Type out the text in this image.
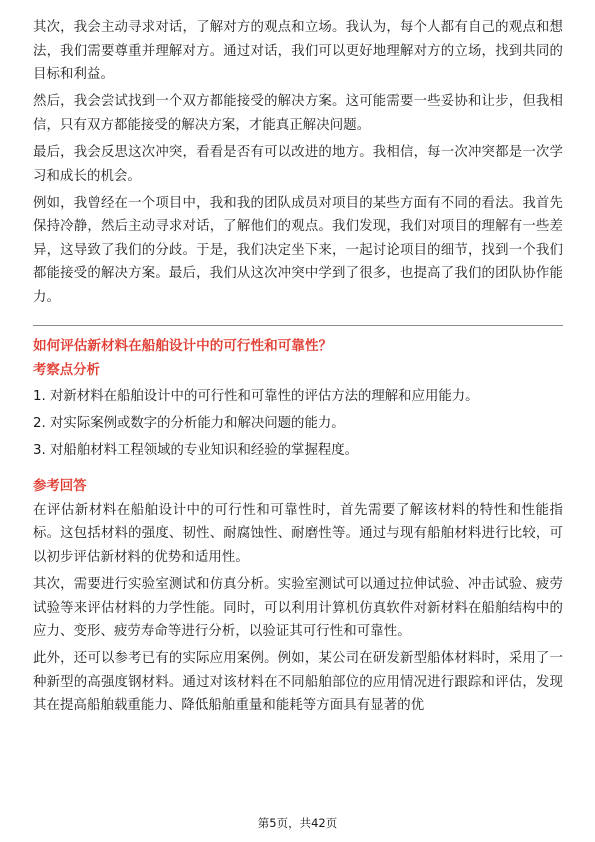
其次，我会主动寻求对话，了解对方的观点和立场。我认为，每个人都有自己的观点和想法，我们需要尊重并理解对方。通过对话，我们可以更好地理解对方的立场，找到共同的目标和利益。

然后，我会尝试找到一个双方都能接受的解决方案。这可能需要一些妥协和让步，但我相信，只有双方都能接受的解决方案，才能真正解决问题。

最后，我会反思这次冲突，看看是否有可以改进的地方。我相信，每一次冲突都是一次学习和成长的机会。

例如，我曾经在一个项目中，我和我的团队成员对项目的某些方面有不同的看法。我首先保持冷静，然后主动寻求对话，了解他们的观点。我们发现，我们对项目的理解有一些差异，这导致了我们的分歧。于是，我们决定坐下来，一起讨论项目的细节，找到一个我们都能接受的解决方案。最后，我们从这次冲突中学到了很多，也提高了我们的团队协作能力。

如何评估新材料在船舶设计中的可行性和可靠性？
考察点分析

1. 对新材料在船舶设计中的可行性和可靠性的评估方法的理解和应用能力。

2. 对实际案例或数字的分析能力和解决问题的能力。

3. 对船舶材料工程领域的专业知识和经验的掌握程度。

参考回答

在评估新材料在船舶设计中的可行性和可靠性时，首先需要了解该材料的特性和性能指标。这包括材料的强度、韧性、耐腐蚀性、耐磨性等。通过与现有船舶材料进行比较，可以初步评估新材料的优势和适用性。

其次，需要进行实验室测试和仿真分析。实验室测试可以通过拉伸试验、冲击试验、疲劳试验等来评估材料的力学性能。同时，可以利用计算机仿真软件对新材料在船舶结构中的应力、变形、疲劳寿命等进行分析，以验证其可行性和可靠性。

此外，还可以参考已有的实际应用案例。例如，某公司在研发新型船体材料时，采用了一种新型的高强度钢材料。通过对该材料在不同船舶部位的应用情况进行跟踪和评估，发现其在提高船舶载重能力、降低船舶重量和能耗等方面具有显著的优

第5页，共42页
